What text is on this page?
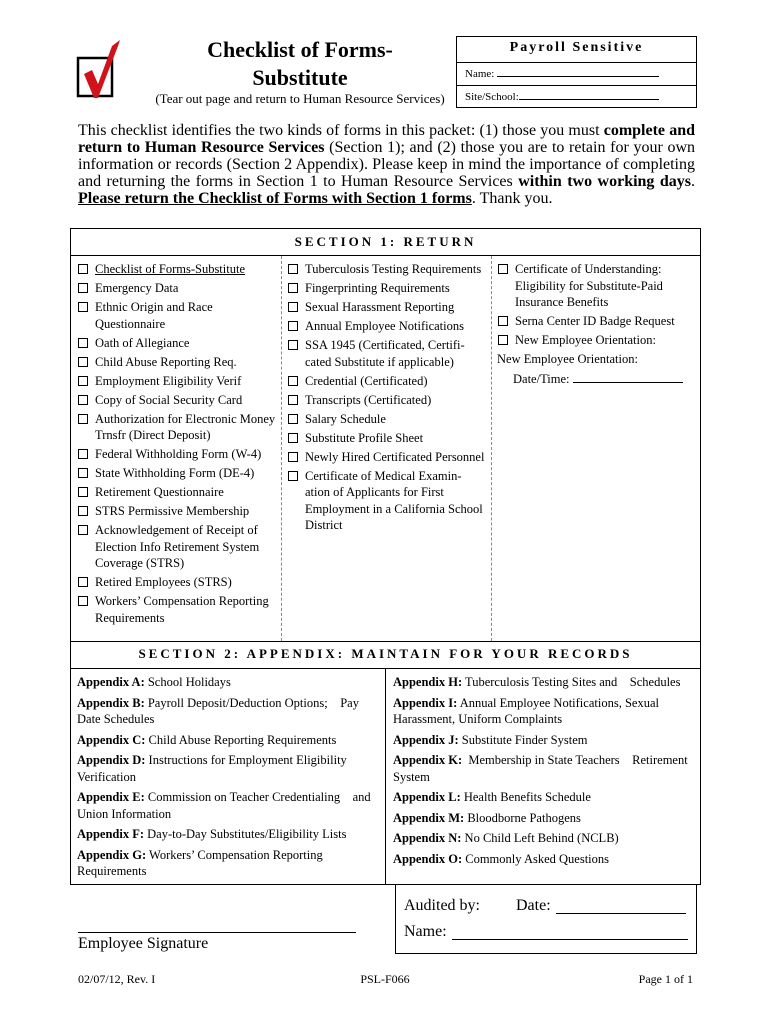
Checklist of Forms-
Substitute
(Tear out page and return to Human Resource Services)
Payroll Sensitive
Name:
Site/School:
This checklist identifies the two kinds of forms in this packet: (1) those you must complete and return to Human Resource Services (Section 1); and (2) those you are to retain for your own information or records (Section 2 Appendix). Please keep in mind the importance of completing and returning the forms in Section 1 to Human Resource Services within two working days. Please return the Checklist of Forms with Section 1 forms. Thank you.
SECTION 1: RETURN
Checklist of Forms-Substitute
Emergency Data
Ethnic Origin and Race Questionnaire
Oath of Allegiance
Child Abuse Reporting Req.
Employment Eligibility Verif
Copy of Social Security Card
Authorization for Electronic Money Trnsfr (Direct Deposit)
Federal Withholding Form (W-4)
State Withholding Form (DE-4)
Retirement Questionnaire
STRS Permissive Membership
Acknowledgement of Receipt of Election Info Retirement System Coverage (STRS)
Retired Employees (STRS)
Workers’ Compensation Reporting Requirements
Tuberculosis Testing Requirements
Fingerprinting Requirements
Sexual Harassment Reporting
Annual Employee Notifications
SSA 1945 (Certificated, Certifi-cated Substitute if applicable)
Credential (Certificated)
Transcripts (Certificated)
Salary Schedule
Substitute Profile Sheet
Newly Hired Certificated Personnel
Certificate of Medical Examin-ation of Applicants for First Employment in a California School District
Certificate of Understanding: Eligibility for Substitute-Paid Insurance Benefits
Serna Center ID Badge Request
New Employee Orientation:
New Employee Orientation:
Date/Time:
SECTION 2: APPENDIX: MAINTAIN FOR YOUR RECORDS
Appendix A: School Holidays
Appendix B: Payroll Deposit/Deduction Options;    Pay Date Schedules
Appendix C: Child Abuse Reporting Requirements
Appendix D: Instructions for Employment Eligibility    Verification
Appendix E: Commission on Teacher Credentialing    and Union Information
Appendix F: Day-to-Day Substitutes/Eligibility Lists
Appendix G: Workers’ Compensation Reporting    Requirements
Appendix H: Tuberculosis Testing Sites and    Schedules
Appendix I: Annual Employee Notifications, Sexual    Harassment, Uniform Complaints
Appendix J: Substitute Finder System
Appendix K:  Membership in State Teachers    Retirement System
Appendix L: Health Benefits Schedule
Appendix M: Bloodborne Pathogens
Appendix N: No Child Left Behind (NCLB)
Appendix O: Commonly Asked Questions
Audited by: Date:
Name:
Employee Signature
02/07/12, Rev. I	PSL-F066	Page 1 of 1
